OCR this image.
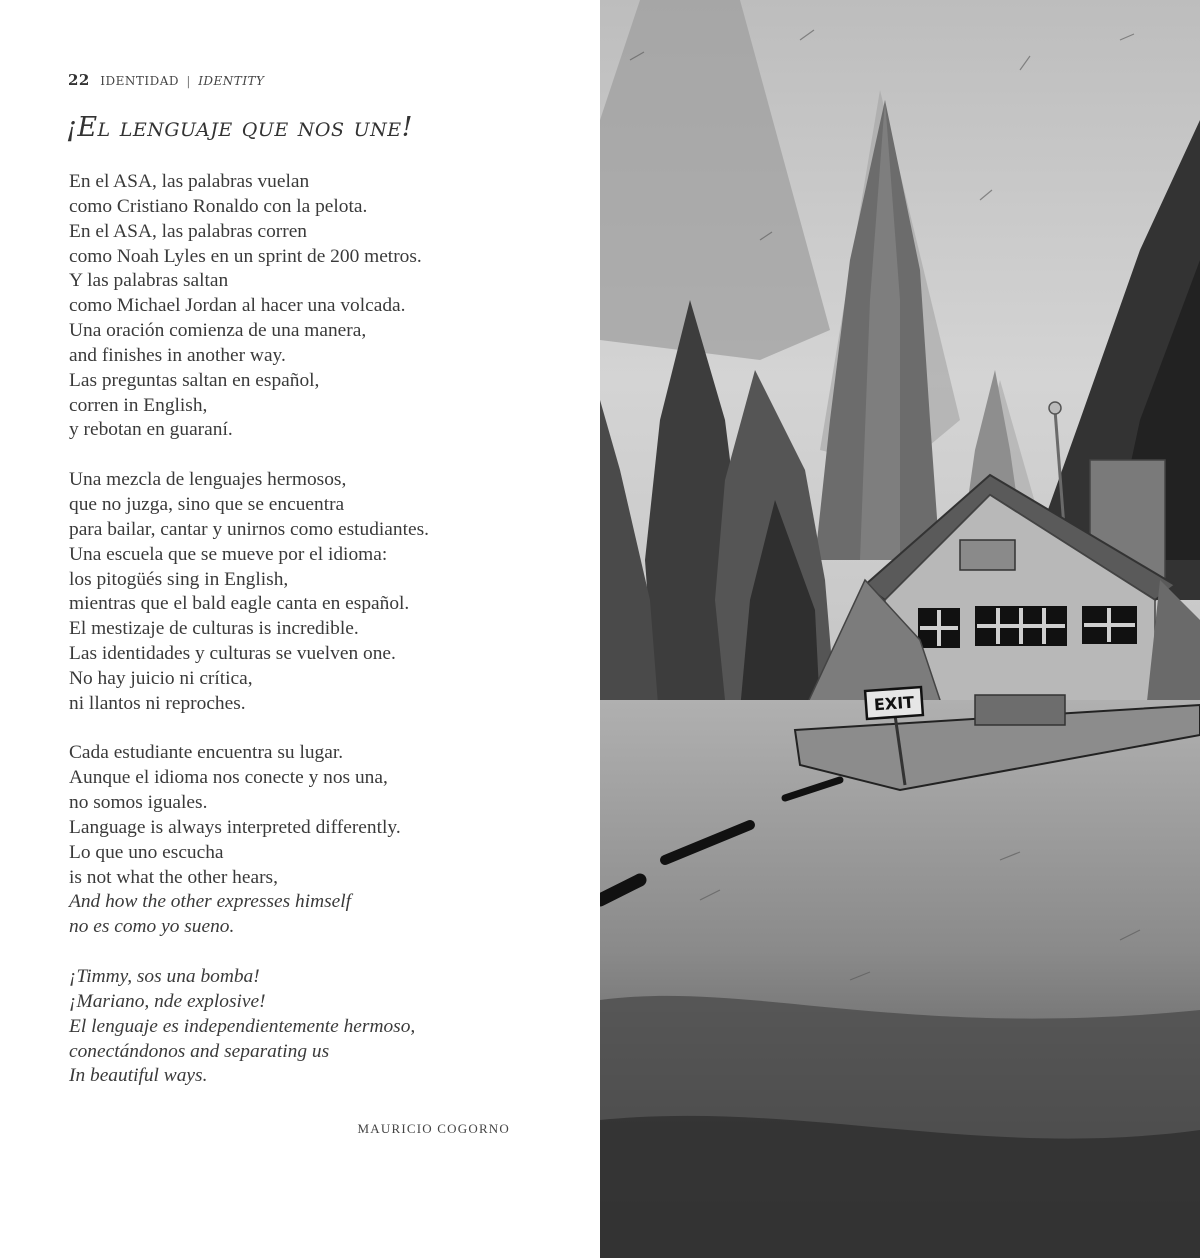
22 IDENTIDAD | IDENTITY
¡El lenguaje que nos une!
En el ASA, las palabras vuelan
como Cristiano Ronaldo con la pelota.
En el ASA, las palabras corren
como Noah Lyles en un sprint de 200 metros.
Y las palabras saltan
como Michael Jordan al hacer una volcada.
Una oración comienza de una manera,
and finishes in another way.
Las preguntas saltan en español,
corren in English,
y rebotan en guaraní.
Una mezcla de lenguajes hermosos,
que no juzga, sino que se encuentra
para bailar, cantar y unirnos como estudiantes.
Una escuela que se mueve por el idioma:
los pitogüés sing in English,
mientras que el bald eagle canta en español.
El mestizaje de culturas is incredible.
Las identidades y culturas se vuelven one.
No hay juicio ni crítica,
ni llantos ni reproches.
Cada estudiante encuentra su lugar.
Aunque el idioma nos conecte y nos una,
no somos iguales.
Language is always interpreted differently.
Lo que uno escucha
is not what the other hears,
And how the other expresses himself
no es como yo sueno.
¡Timmy, sos una bomba!
¡Mariano, nde explosive!
El lenguaje es independientemente hermoso,
conectándonos and separating us
In beautiful ways.
MAURICIO COGORNO
EXIT
